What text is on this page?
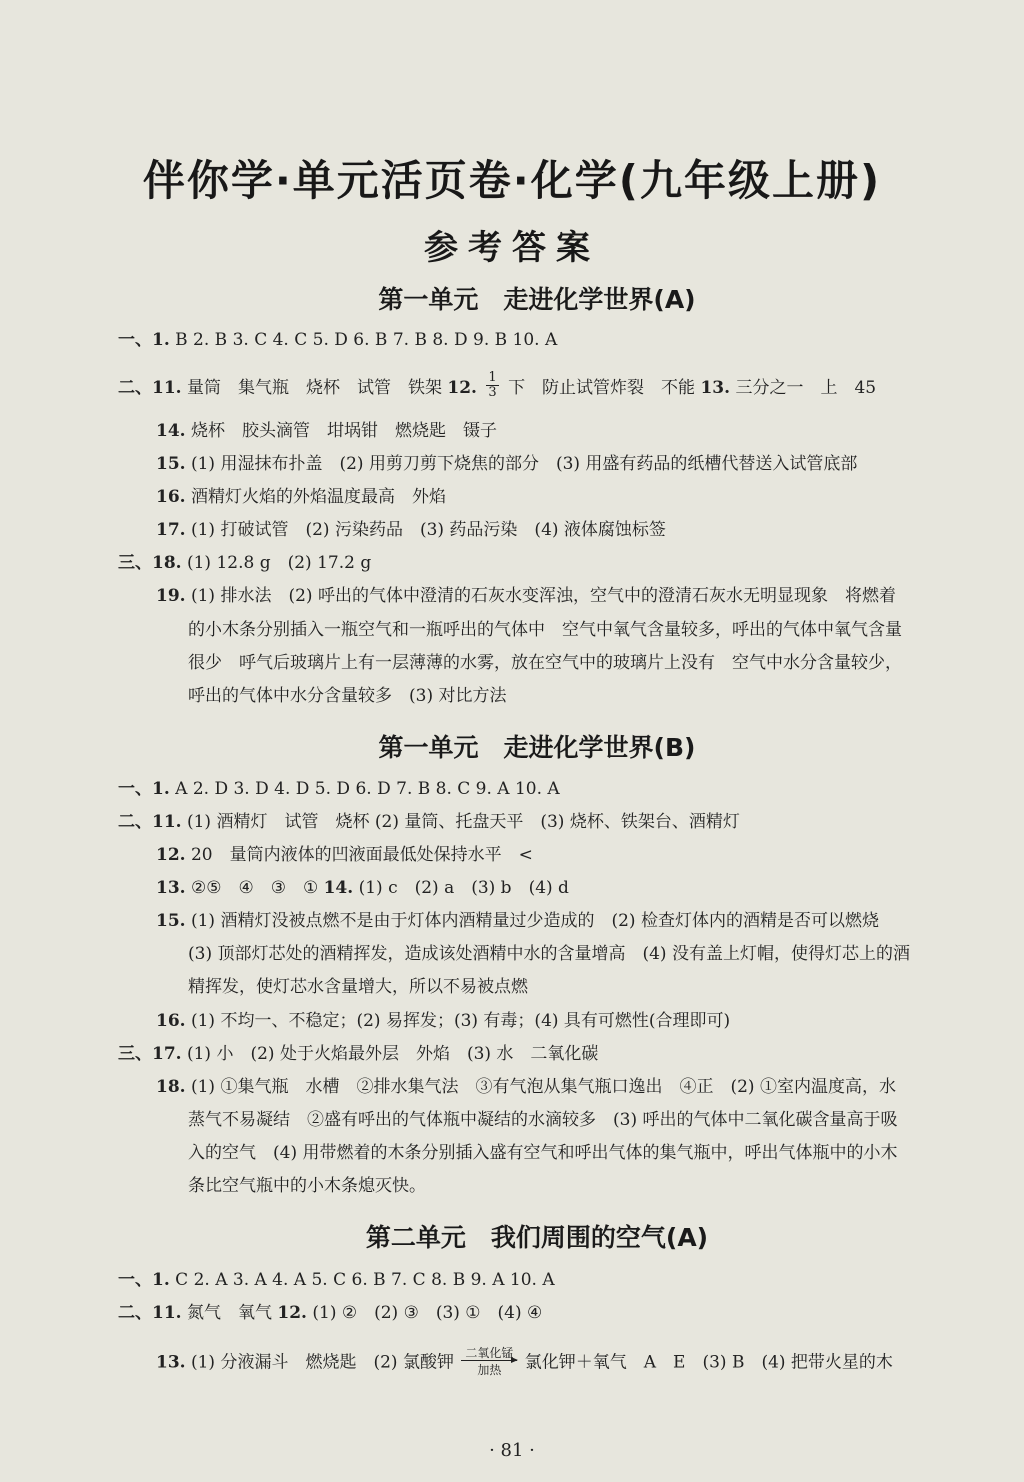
伴你学·单元活页卷·化学(九年级上册)
参考答案
第一单元　走进化学世界(A)
一、1. B 2. B 3. C 4. C 5. D 6. B 7. B 8. D 9. B 10. A
二、11. 量筒　集气瓶　烧杯　试管　铁架 12. $\frac{1}{3}$ 下　防止试管炸裂　不能 13. 三分之一　上　45
14. 烧杯　胶头滴管　坩埚钳　燃烧匙　镊子
15. (1) 用湿抹布扑盖　(2) 用剪刀剪下烧焦的部分　(3) 用盛有药品的纸槽代替送入试管底部
16. 酒精灯火焰的外焰温度最高　外焰
17. (1) 打破试管　(2) 污染药品　(3) 药品污染　(4) 液体腐蚀标签
三、18. (1) 12.8 g　(2) 17.2 g
19. (1) 排水法　(2) 呼出的气体中澄清的石灰水变浑浊，空气中的澄清石灰水无明显现象　将燃着
的小木条分别插入一瓶空气和一瓶呼出的气体中　空气中氧气含量较多，呼出的气体中氧气含量
很少　呼气后玻璃片上有一层薄薄的水雾，放在空气中的玻璃片上没有　空气中水分含量较少，
呼出的气体中水分含量较多　(3) 对比方法
第一单元　走进化学世界(B)
一、1. A 2. D 3. D 4. D 5. D 6. D 7. B 8. C 9. A 10. A
二、11. (1) 酒精灯　试管　烧杯 (2) 量筒、托盘天平　(3) 烧杯、铁架台、酒精灯
12. 20　量筒内液体的凹液面最低处保持水平　<
13. ②⑤　④　③　① 14. (1) c　(2) a　(3) b　(4) d
15. (1) 酒精灯没被点燃不是由于灯体内酒精量过少造成的　(2) 检查灯体内的酒精是否可以燃烧
(3) 顶部灯芯处的酒精挥发，造成该处酒精中水的含量增高　(4) 没有盖上灯帽，使得灯芯上的酒
精挥发，使灯芯水含量增大，所以不易被点燃
16. (1) 不均一、不稳定；(2) 易挥发；(3) 有毒；(4) 具有可燃性(合理即可)
三、17. (1) 小　(2) 处于火焰最外层　外焰　(3) 水　二氧化碳
18. (1) ①集气瓶　水槽　②排水集气法　③有气泡从集气瓶口逸出　④正　(2) ①室内温度高，水
蒸气不易凝结　②盛有呼出的气体瓶中凝结的水滴较多　(3) 呼出的气体中二氧化碳含量高于吸
入的空气　(4) 用带燃着的木条分别插入盛有空气和呼出气体的集气瓶中，呼出气体瓶中的小木
条比空气瓶中的小木条熄灭快。
第二单元　我们周围的空气(A)
一、1. C 2. A 3. A 4. A 5. C 6. B 7. C 8. B 9. A 10. A
二、11. 氮气　氧气 12. (1) ②　(2) ③　(3) ①　(4) ④
13. (1) 分液漏斗　燃烧匙　(2) 氯酸钾 二氧化锰
加热	氯化钾＋氧气　A　E　(3) B　(4) 把带火星的木
· 81 ·
